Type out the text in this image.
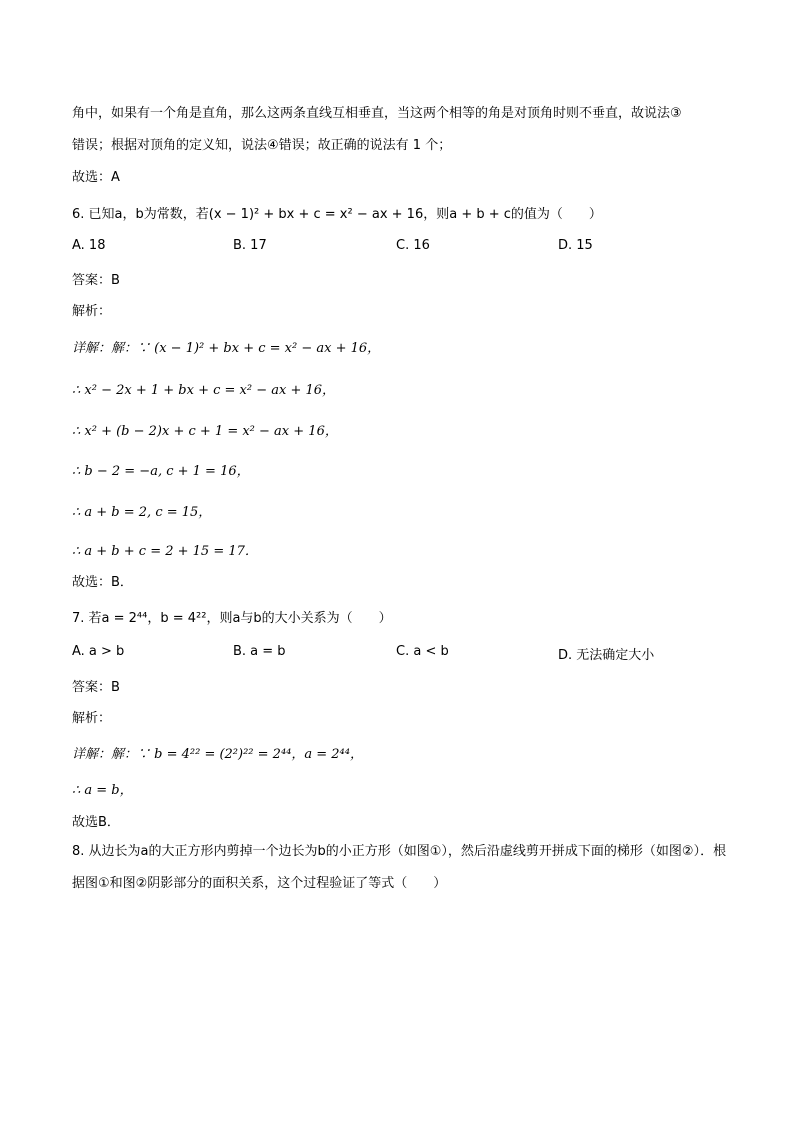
角中，如果有一个角是直角，那么这两条直线互相垂直，当这两个相等的角是对顶角时则不垂直，故说法③
错误；根据对顶角的定义知，说法④错误；故正确的说法有 1 个；
故选：A
6. 已知a，b为常数，若(x − 1)² + bx + c = x² − ax + 16，则a + b + c的值为（　　）
A. 18	B. 17	C. 16	D. 15
答案：B
解析：
详解：解：∵ (x − 1)² + bx + c = x² − ax + 16，
∴ x² − 2x + 1 + bx + c = x² − ax + 16，
∴ x² + (b − 2)x + c + 1 = x² − ax + 16，
∴ b − 2 = −a, c + 1 = 16，
∴ a + b = 2, c = 15，
∴ a + b + c = 2 + 15 = 17．
故选：B．
7. 若a = 2⁴⁴，b = 4²²，则a与b的大小关系为（　　）
A. a > b	B. a = b	C. a < b	D. 无法确定大小
答案：B
解析：
详解：解：∵ b = 4²² = (2²)²² = 2⁴⁴，a = 2⁴⁴，
∴ a = b，
故选B．
8. 从边长为a的大正方形内剪掉一个边长为b的小正方形（如图①），然后沿虚线剪开拼成下面的梯形（如图②）．根据图①和图②阴影部分的面积关系，这个过程验证了等式（　　）
